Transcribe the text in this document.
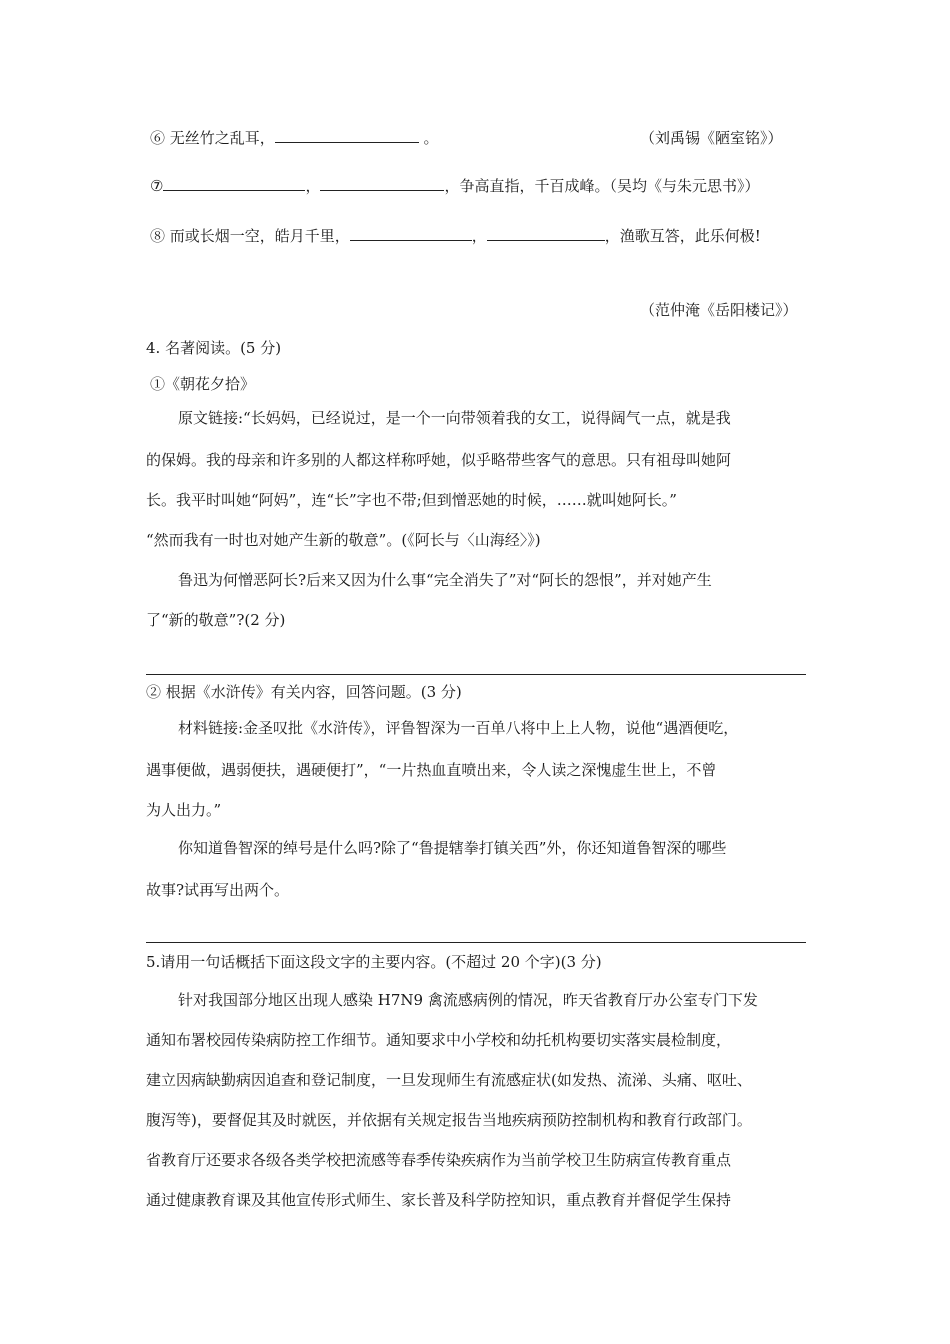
⑥ 无丝竹之乱耳，	。	（刘禹锡《陋室铭》）
⑦	，	，争高直指，千百成峰。（吴均《与朱元思书》）
⑧ 而或长烟一空，皓月千里，	，	，渔歌互答，此乐何极!
（范仲淹《岳阳楼记》）
4. 名著阅读。(5 分)
①《朝花夕拾》
原文链接:“长妈妈，已经说过，是一个一向带领着我的女工，说得阔气一点，就是我
的保姆。我的母亲和许多别的人都这样称呼她，似乎略带些客气的意思。只有祖母叫她阿
长。我平时叫她“阿妈”，连“长”字也不带;但到憎恶她的时候，……就叫她阿长。”
“然而我有一时也对她产生新的敬意”。(《阿长与〈山海经〉》)
鲁迅为何憎恶阿长?后来又因为什么事“完全消失了”对“阿长的怨恨”，并对她产生
了“新的敬意”?(2 分)
② 根据《水浒传》有关内容，回答问题。(3 分)
材料链接:金圣叹批《水浒传》，评鲁智深为一百单八将中上上人物，说他“遇酒便吃，
遇事便做，遇弱便扶，遇硬便打”，“一片热血直喷出来，令人读之深愧虚生世上，不曾
为人出力。”
你知道鲁智深的绰号是什么吗?除了“鲁提辖拳打镇关西”外，你还知道鲁智深的哪些
故事?试再写出两个。
5.请用一句话概括下面这段文字的主要内容。(不超过 20 个字)(3 分)
针对我国部分地区出现人感染 H7N9 禽流感病例的情况，昨天省教育厅办公室专门下发
通知布署校园传染病防控工作细节。通知要求中小学校和幼托机构要切实落实晨检制度，
建立因病缺勤病因追查和登记制度，一旦发现师生有流感症状(如发热、流涕、头痛、呕吐、
腹泻等)，要督促其及时就医，并依据有关规定报告当地疾病预防控制机构和教育行政部门。
省教育厅还要求各级各类学校把流感等春季传染疾病作为当前学校卫生防病宣传教育重点
通过健康教育课及其他宣传形式师生、家长普及科学防控知识，重点教育并督促学生保持
